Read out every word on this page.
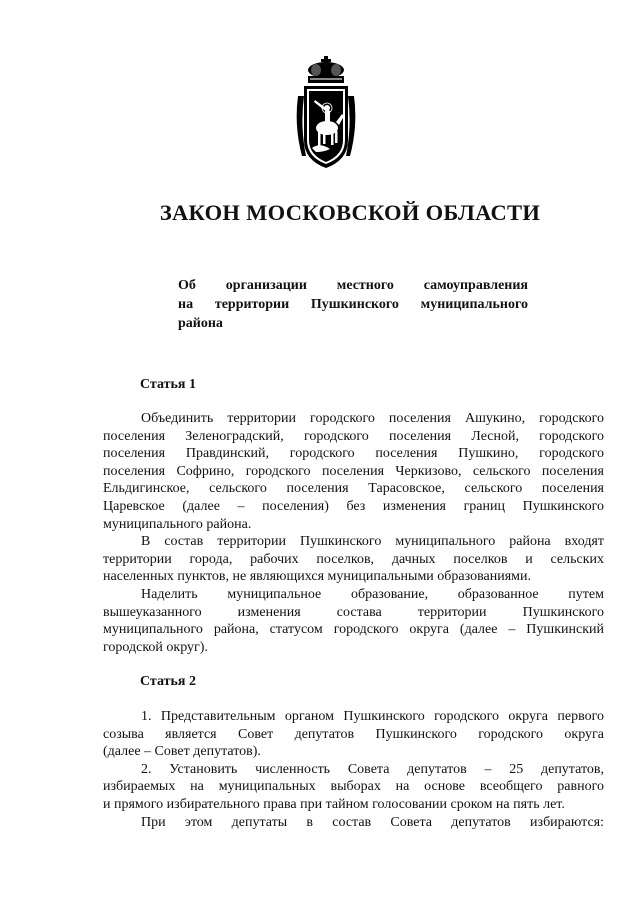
ЗАКОН МОСКОВСКОЙ ОБЛАСТИ
Об организации местного самоуправления
на территории Пушкинского муниципального
района
Статья 1
Объединить территории городского поселения Ашукино, городского
поселения Зеленоградский, городского поселения Лесной, городского
поселения Правдинский, городского поселения Пушкино, городского
поселения Софрино, городского поселения Черкизово, сельского поселения
Ельдигинское, сельского поселения Тарасовское, сельского поселения
Царевское (далее – поселения) без изменения границ Пушкинского
муниципального района.
В состав территории Пушкинского муниципального района входят
территории города, рабочих поселков, дачных поселков и сельских
населенных пунктов, не являющихся муниципальными образованиями.
Наделить муниципальное образование, образованное путем
вышеуказанного изменения состава территории Пушкинского
муниципального района, статусом городского округа (далее – Пушкинский
городской округ).
Статья 2
1. Представительным органом Пушкинского городского округа первого
созыва является Совет депутатов Пушкинского городского округа
(далее – Совет депутатов).
2. Установить численность Совета депутатов – 25 депутатов,
избираемых на муниципальных выборах на основе всеобщего равного
и прямого избирательного права при тайном голосовании сроком на пять лет.
При этом депутаты в состав Совета депутатов избираются:
